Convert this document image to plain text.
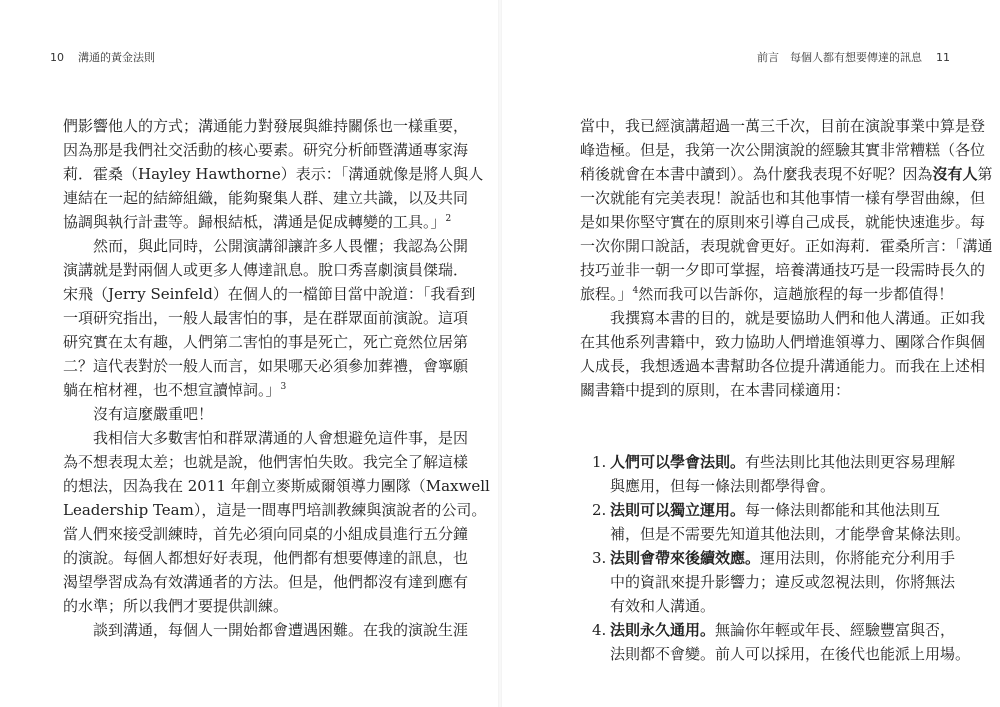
10 溝通的黃金法則
們影響他人的方式；溝通能力對發展與維持關係也一樣重要，
因為那是我們社交活動的核心要素。研究分析師暨溝通專家海
莉．霍桑（Hayley Hawthorne）表示：「溝通就像是將人與人
連結在一起的結締組織，能夠聚集人群、建立共識，以及共同
協調與執行計畫等。歸根結柢，溝通是促成轉變的工具。」$^2$
然而，與此同時，公開演講卻讓許多人畏懼；我認為公開
演講就是對兩個人或更多人傳達訊息。脫口秀喜劇演員傑瑞．
宋飛（Jerry Seinfeld）在個人的一檔節目當中說道：「我看到
一項研究指出，一般人最害怕的事，是在群眾面前演說。這項
研究實在太有趣，人們第二害怕的事是死亡，死亡竟然位居第
二？這代表對於一般人而言，如果哪天必須參加葬禮，會寧願
躺在棺材裡，也不想宣讀悼詞。」$^3$
沒有這麼嚴重吧！
我相信大多數害怕和群眾溝通的人會想避免這件事，是因
為不想表現太差；也就是說，他們害怕失敗。我完全了解這樣
的想法，因為我在 2011 年創立麥斯威爾領導力團隊（Maxwell
Leadership Team），這是一間專門培訓教練與演說者的公司。
當人們來接受訓練時，首先必須向同桌的小組成員進行五分鐘
的演說。每個人都想好好表現，他們都有想要傳達的訊息，也
渴望學習成為有效溝通者的方法。但是，他們都沒有達到應有
的水準；所以我們才要提供訓練。
談到溝通，每個人一開始都會遭遇困難。在我的演說生涯
前言　每個人都有想要傳達的訊息 11
當中，我已經演講超過一萬三千次，目前在演說事業中算是登
峰造極。但是，我第一次公開演說的經驗其實非常糟糕（各位
稍後就會在本書中讀到）。為什麼我表現不好呢？因為沒有人第
一次就能有完美表現！說話也和其他事情一樣有學習曲線，但
是如果你堅守實在的原則來引導自己成長，就能快速進步。每
一次你開口說話，表現就會更好。正如海莉．霍桑所言：「溝通
技巧並非一朝一夕即可掌握，培養溝通技巧是一段需時長久的
旅程。」$^4$然而我可以告訴你，這趟旅程的每一步都值得！
我撰寫本書的目的，就是要協助人們和他人溝通。正如我
在其他系列書籍中，致力協助人們增進領導力、團隊合作與個
人成長，我想透過本書幫助各位提升溝通能力。而我在上述相
關書籍中提到的原則，在本書同樣適用：
1. 人們可以學會法則。有些法則比其他法則更容易理解
與應用，但每一條法則都學得會。
2. 法則可以獨立運用。每一條法則都能和其他法則互
補，但是不需要先知道其他法則，才能學會某條法則。
3. 法則會帶來後續效應。運用法則，你將能充分利用手
中的資訊來提升影響力；違反或忽視法則，你將無法
有效和人溝通。
4. 法則永久通用。無論你年輕或年長、經驗豐富與否，
法則都不會變。前人可以採用，在後代也能派上用場。
